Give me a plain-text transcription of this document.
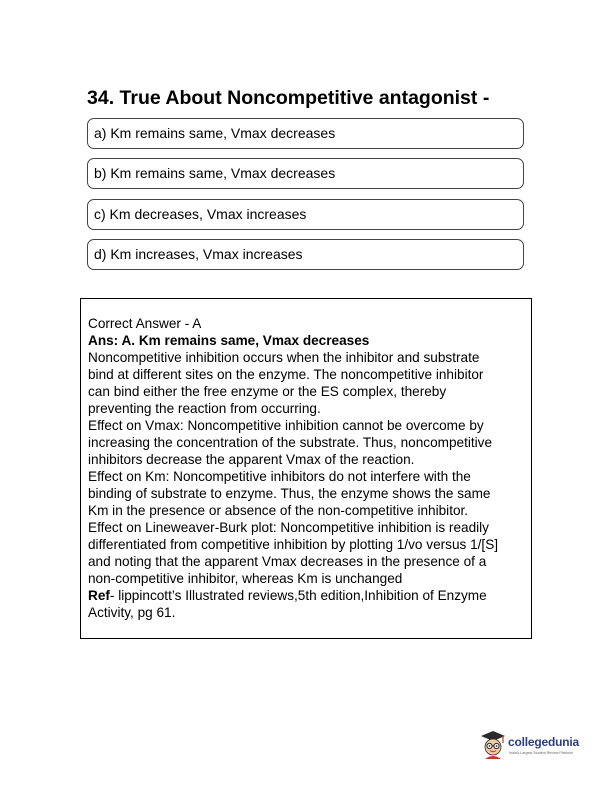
34. True About Noncompetitive antagonist -
a) Km remains same, Vmax decreases
b) Km remains same, Vmax decreases
c) Km decreases, Vmax increases
d) Km increases, Vmax increases
Correct Answer - A
Ans: A. Km remains same, Vmax decreases
Noncompetitive inhibition occurs when the inhibitor and substrate
bind at different sites on the enzyme. The noncompetitive inhibitor
can bind either the free enzyme or the ES complex, thereby
preventing the reaction from occurring.
Effect on Vmax: Noncompetitive inhibition cannot be overcome by
increasing the concentration of the substrate. Thus, noncompetitive
inhibitors decrease the apparent Vmax of the reaction.
Effect on Km: Noncompetitive inhibitors do not interfere with the
binding of substrate to enzyme. Thus, the enzyme shows the same
Km in the presence or absence of the non-competitive inhibitor.
Effect on Lineweaver-Burk plot: Noncompetitive inhibition is readily
differentiated from competitive inhibition by plotting 1/vo versus 1/[S]
and noting that the apparent Vmax decreases in the presence of a
non-competitive inhibitor, whereas Km is unchanged
Ref- lippincott’s Illustrated reviews,5th edition,Inhibition of Enzyme
Activity, pg 61.
collegedunia
India's Largest Student Review Platform
